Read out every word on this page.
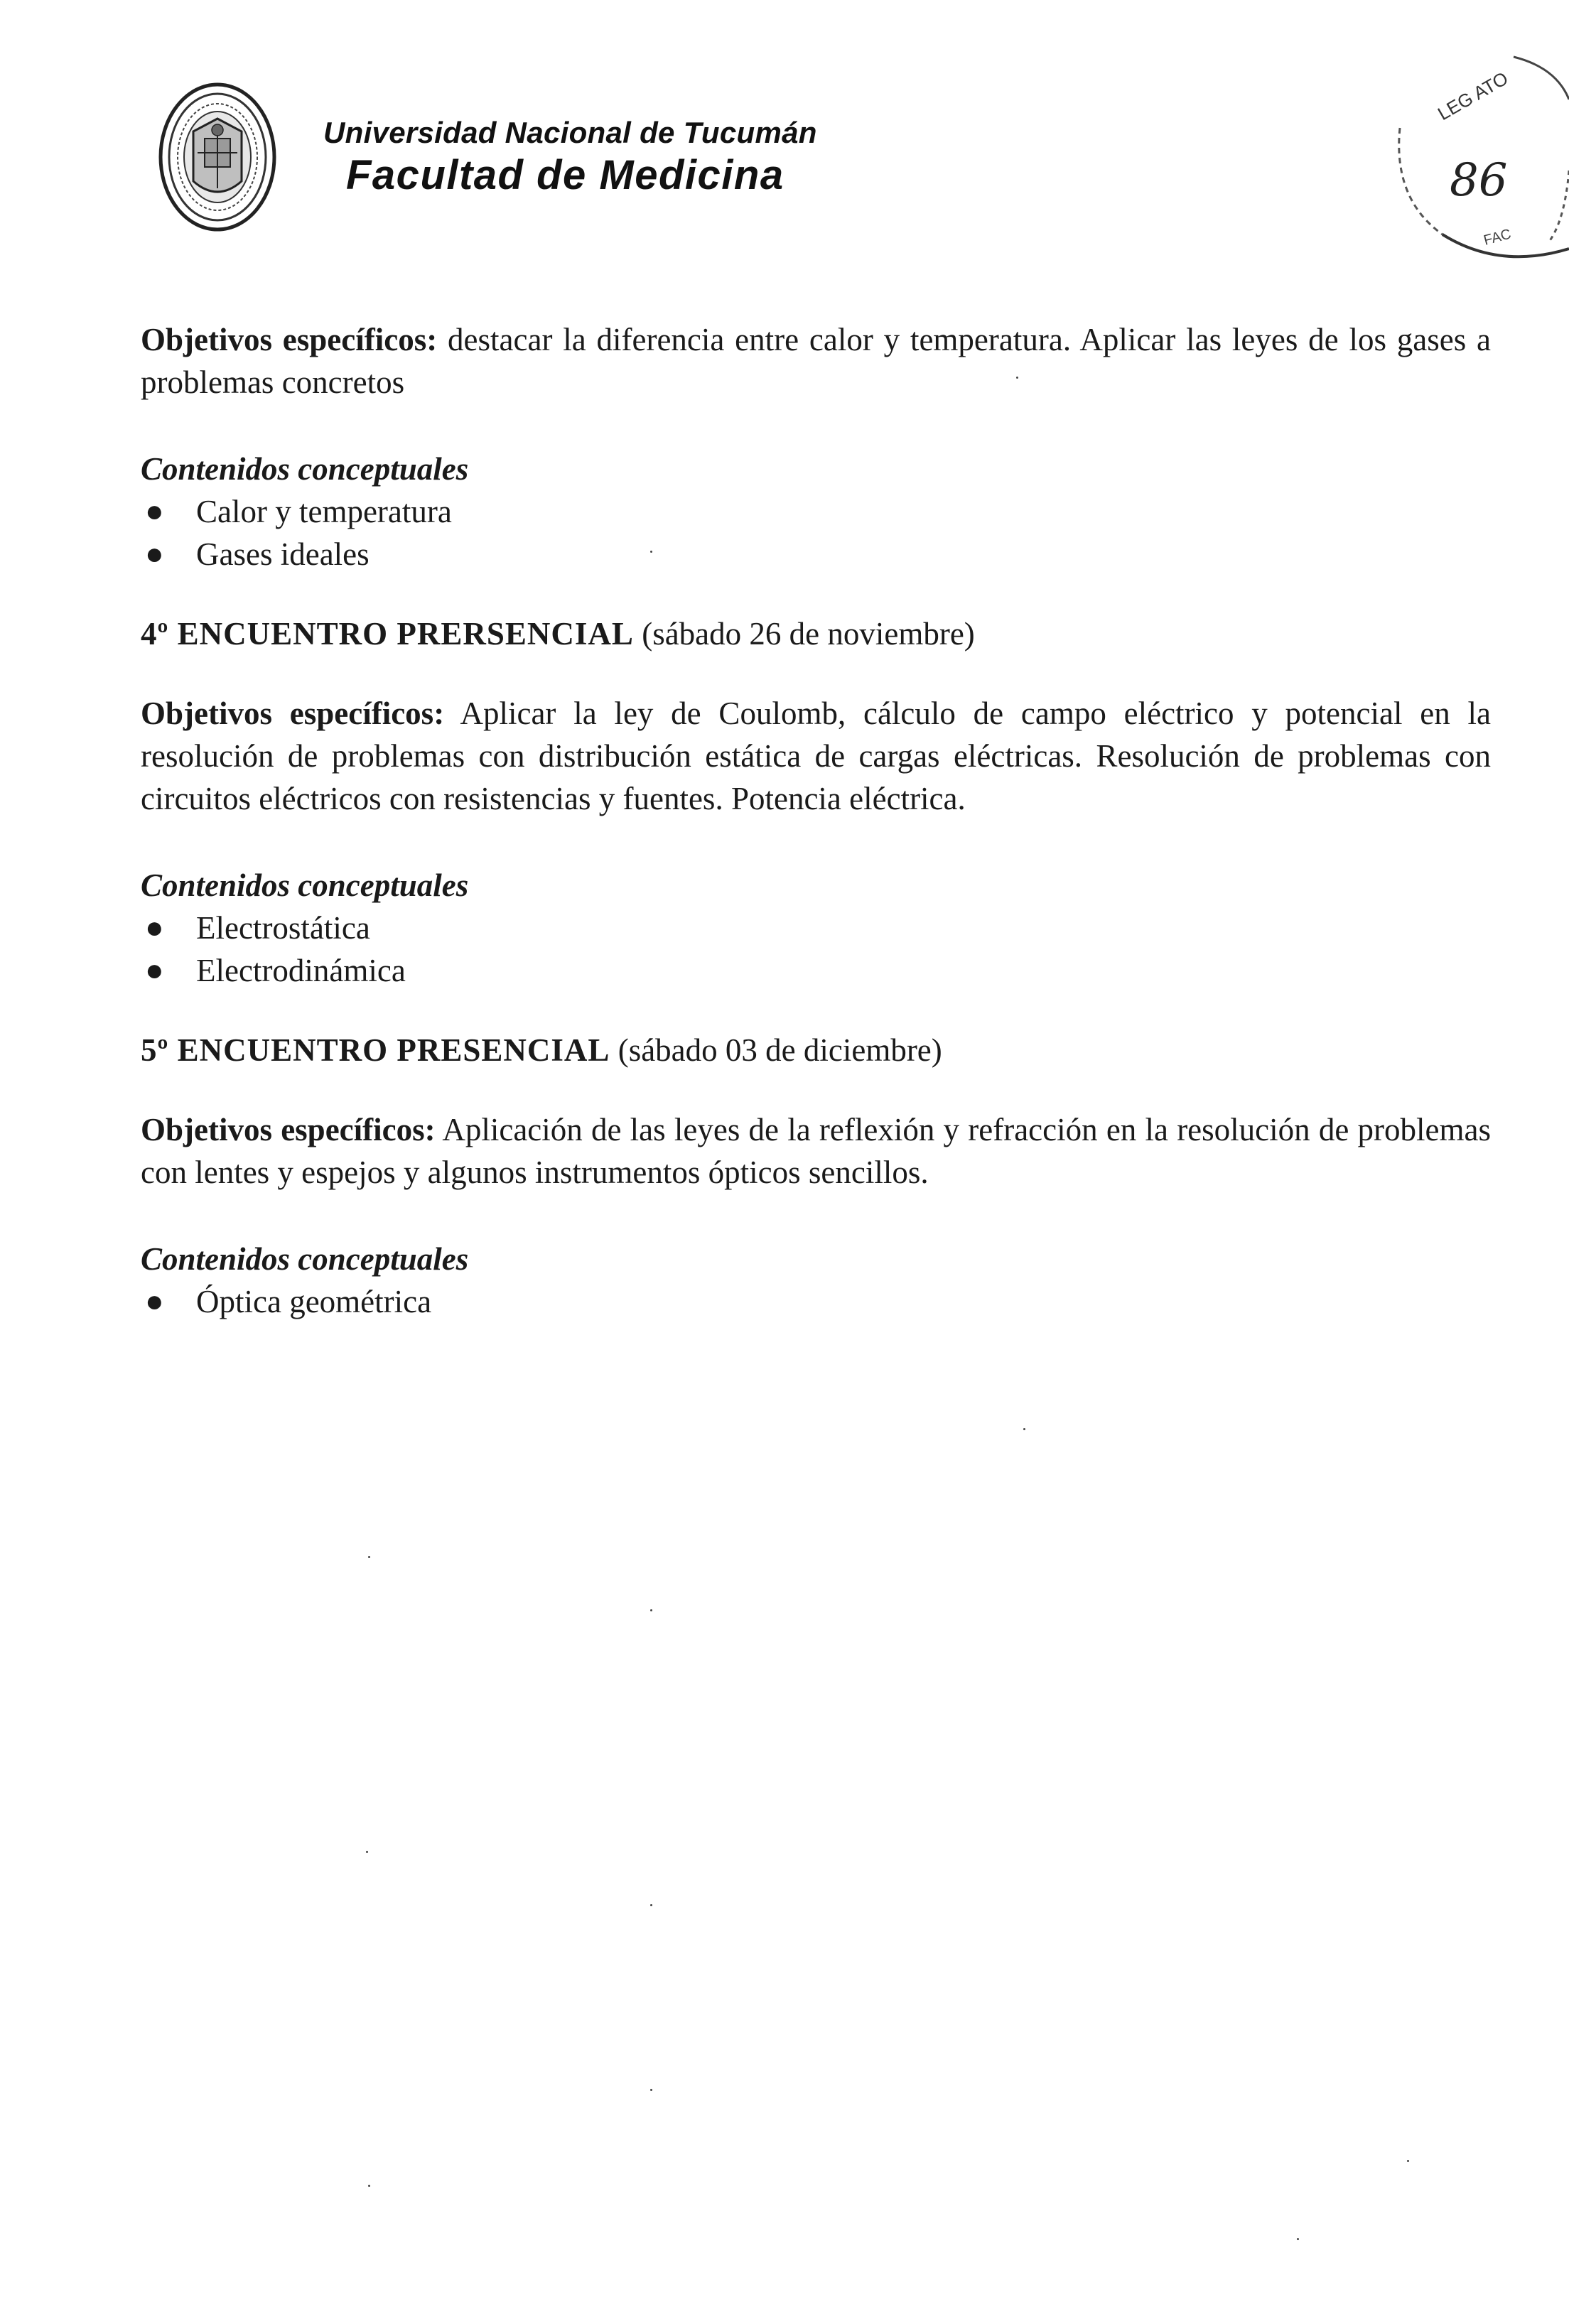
Universidad Nacional de Tucumán
Facultad de Medicina
LEG ATO
86
FAC

Objetivos específicos: destacar la diferencia entre calor y temperatura. Aplicar las leyes de los gases a problemas concretos

Contenidos conceptuales

● Calor y temperatura
● Gases ideales

4º ENCUENTRO PRERSENCIAL (sábado 26 de noviembre)

Objetivos específicos: Aplicar la ley de Coulomb, cálculo de campo eléctrico y potencial en la resolución de problemas con distribución estática de cargas eléctricas. Resolución de problemas con circuitos eléctricos con resistencias y fuentes. Potencia eléctrica.

Contenidos conceptuales

● Electrostática
● Electrodinámica

5º ENCUENTRO PRESENCIAL (sábado 03 de diciembre)

Objetivos específicos: Aplicación de las leyes de la reflexión y refracción en la resolución de problemas con lentes y espejos y algunos instrumentos ópticos sencillos.

Contenidos conceptuales

● Óptica geométrica
